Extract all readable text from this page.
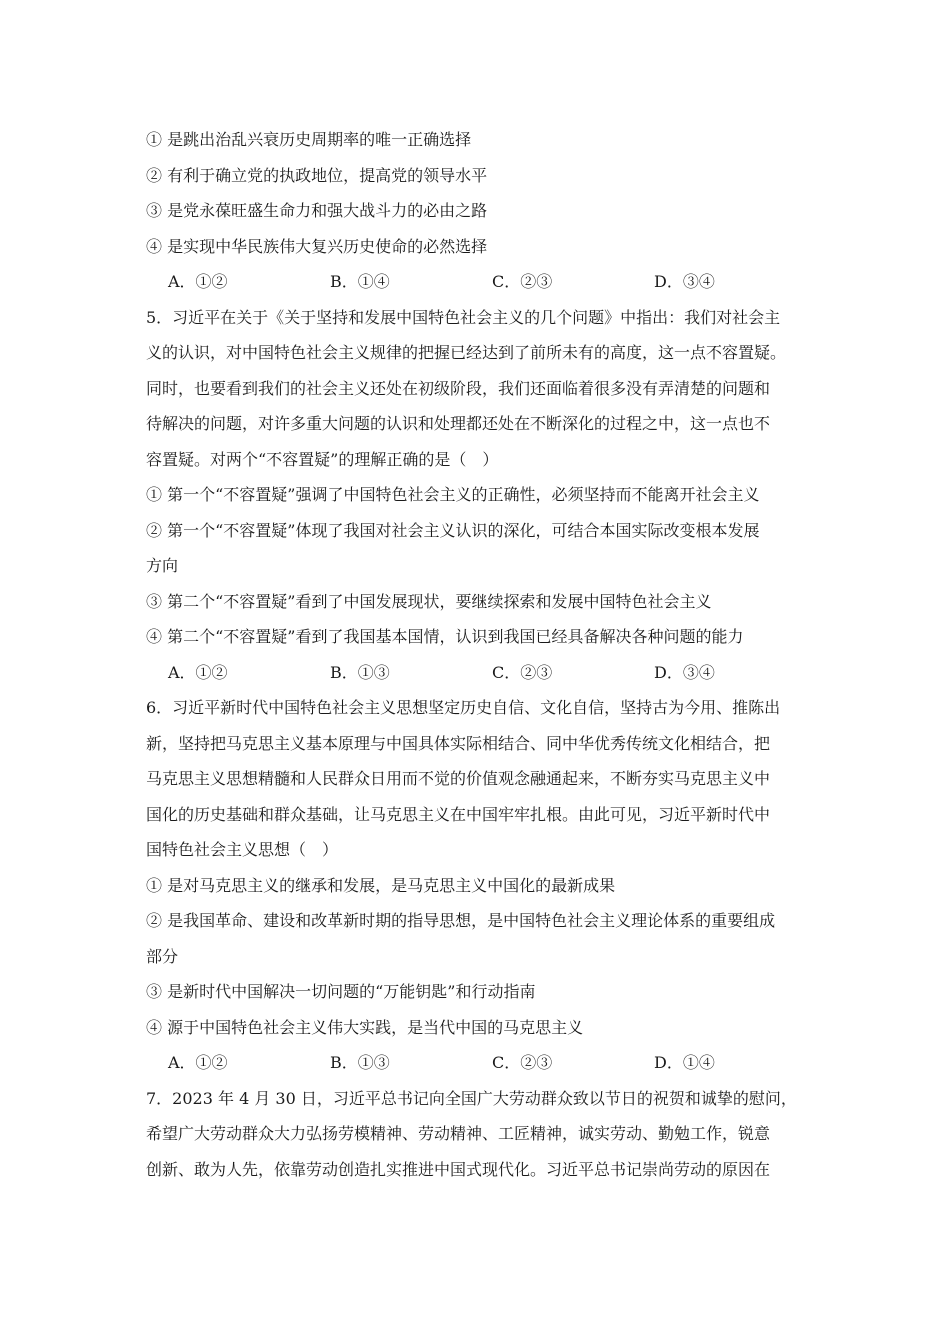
① 是跳出治乱兴衰历史周期率的唯一正确选择
② 有利于确立党的执政地位，提高党的领导水平
③ 是党永葆旺盛生命力和强大战斗力的必由之路
④ 是实现中华民族伟大复兴历史使命的必然选择
A．①②	B．①④	C．②③	D．③④
5．习近平在关于《关于坚持和发展中国特色社会主义的几个问题》中指出：我们对社会主
义的认识，对中国特色社会主义规律的把握已经达到了前所未有的高度，这一点不容置疑。
同时，也要看到我们的社会主义还处在初级阶段，我们还面临着很多没有弄清楚的问题和
待解决的问题，对许多重大问题的认识和处理都还处在不断深化的过程之中，这一点也不
容置疑。对两个“不容置疑”的理解正确的是（　）
① 第一个“不容置疑”强调了中国特色社会主义的正确性，必须坚持而不能离开社会主义
② 第一个“不容置疑”体现了我国对社会主义认识的深化，可结合本国实际改变根本发展
方向
③ 第二个“不容置疑”看到了中国发展现状，要继续探索和发展中国特色社会主义
④ 第二个“不容置疑”看到了我国基本国情，认识到我国已经具备解决各种问题的能力
A．①②	B．①③	C．②③	D．③④
6．习近平新时代中国特色社会主义思想坚定历史自信、文化自信，坚持古为今用、推陈出
新，坚持把马克思主义基本原理与中国具体实际相结合、同中华优秀传统文化相结合，把
马克思主义思想精髓和人民群众日用而不觉的价值观念融通起来，不断夯实马克思主义中
国化的历史基础和群众基础，让马克思主义在中国牢牢扎根。由此可见，习近平新时代中
国特色社会主义思想（　）
① 是对马克思主义的继承和发展，是马克思主义中国化的最新成果
② 是我国革命、建设和改革新时期的指导思想，是中国特色社会主义理论体系的重要组成
部分
③ 是新时代中国解决一切问题的“万能钥匙”和行动指南
④ 源于中国特色社会主义伟大实践，是当代中国的马克思主义
A．①②	B．①③	C．②③	D．①④
7．2023 年 4 月 30 日，习近平总书记向全国广大劳动群众致以节日的祝贺和诚挚的慰问，
希望广大劳动群众大力弘扬劳模精神、劳动精神、工匠精神，诚实劳动、勤勉工作，锐意
创新、敢为人先，依靠劳动创造扎实推进中国式现代化。习近平总书记崇尚劳动的原因在
